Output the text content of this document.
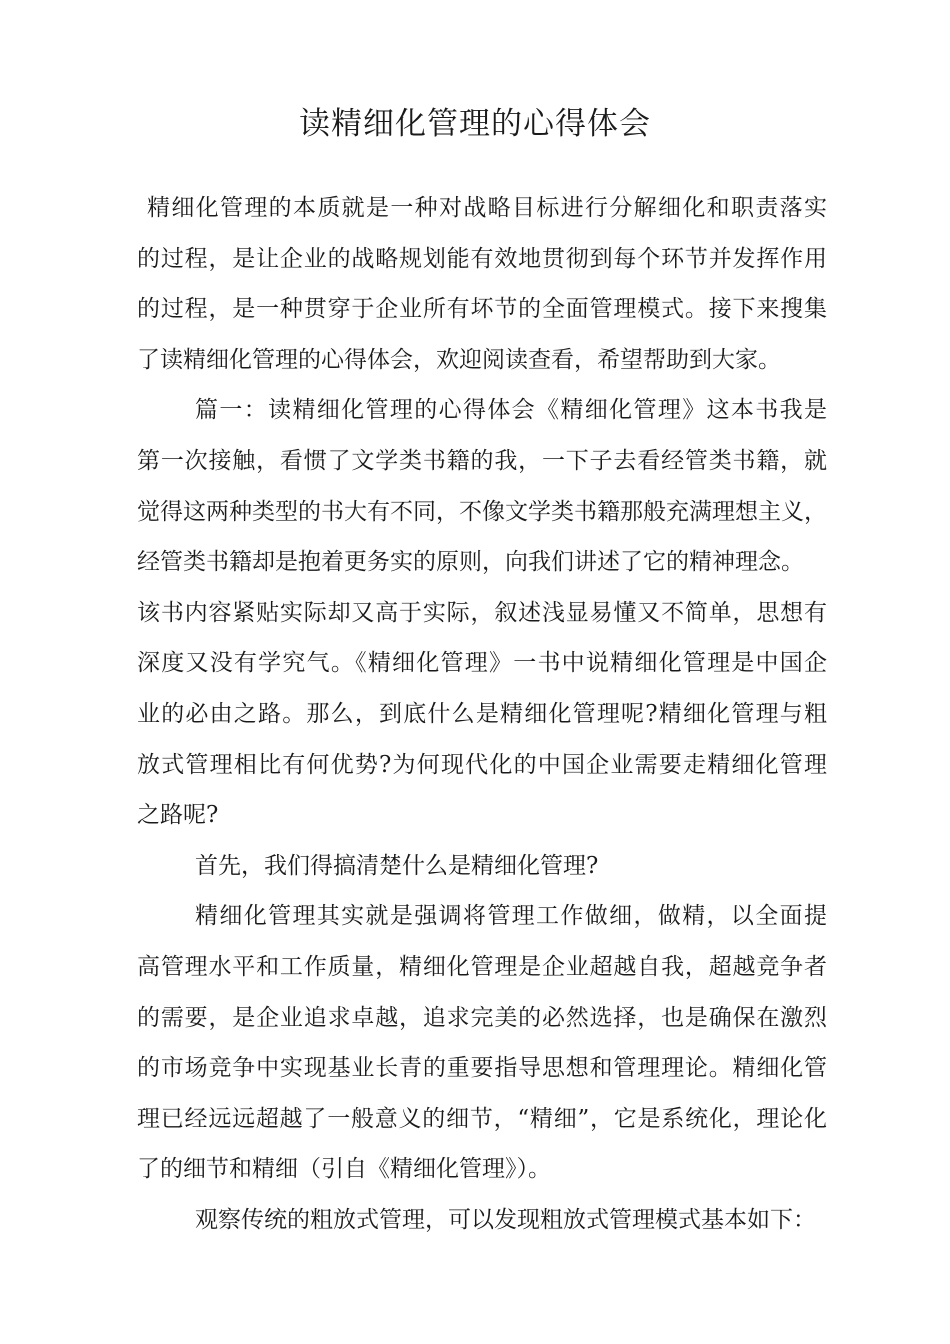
读精细化管理的心得体会
精细化管理的本质就是一种对战略目标进行分解细化和职责落实
的过程，是让企业的战略规划能有效地贯彻到每个环节并发挥作用
的过程，是一种贯穿于企业所有坏节的全面管理模式。接下来搜集
了读精细化管理的心得体会，欢迎阅读查看，希望帮助到大家。
篇一：读精细化管理的心得体会《精细化管理》这本书我是
第一次接触，看惯了文学类书籍的我，一下子去看经管类书籍，就
觉得这两种类型的书大有不同，不像文学类书籍那般充满理想主义，
经管类书籍却是抱着更务实的原则，向我们讲述了它的精神理念。
该书内容紧贴实际却又高于实际，叙述浅显易懂又不简单，思想有
深度又没有学究气。《精细化管理》一书中说精细化管理是中国企
业的必由之路。那么，到底什么是精细化管理呢?精细化管理与粗
放式管理相比有何优势?为何现代化的中国企业需要走精细化管理
之路呢?
首先，我们得搞清楚什么是精细化管理?
精细化管理其实就是强调将管理工作做细，做精，以全面提
高管理水平和工作质量，精细化管理是企业超越自我，超越竞争者
的需要，是企业追求卓越，追求完美的必然选择，也是确保在激烈
的市场竞争中实现基业长青的重要指导思想和管理理论。精细化管
理已经远远超越了一般意义的细节，“精细”，它是系统化，理论化
了的细节和精细（引自《精细化管理》）。
观察传统的粗放式管理，可以发现粗放式管理模式基本如下：
